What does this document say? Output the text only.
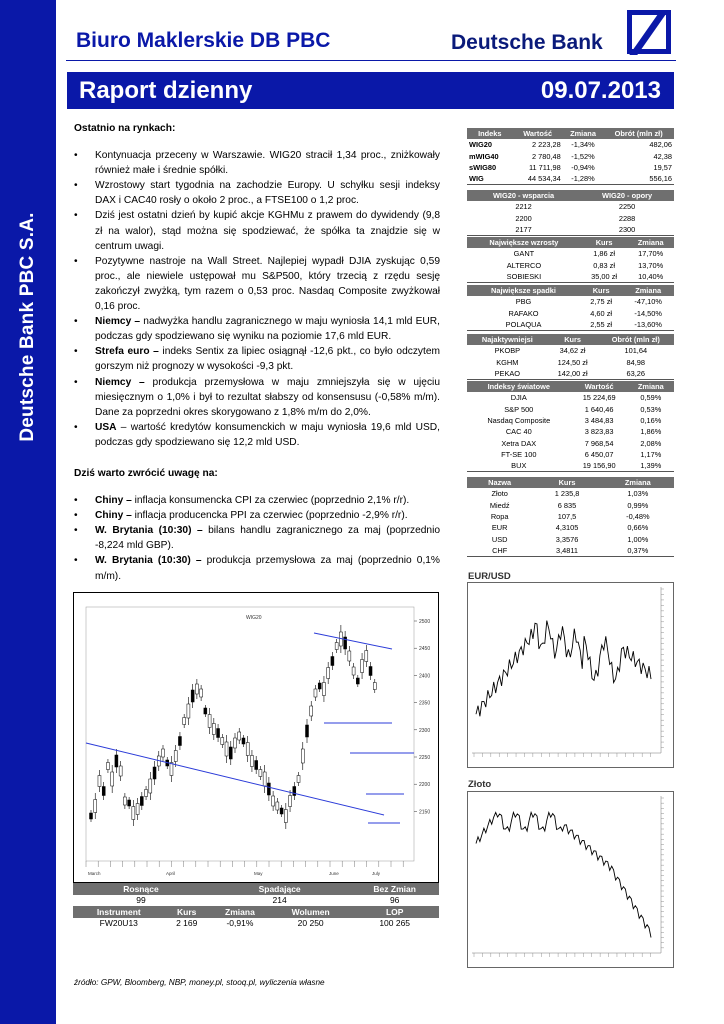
Deutsche Bank PBC S.A.
Biuro Maklerskie DB PBC	Deutsche Bank
Raport dzienny	09.07.2013
Ostatnio na rynkach:
• Kontynuacja przeceny w Warszawie. WIG20 stracił 1,34 proc., zniżkowały również małe i średnie spółki.
• Wzrostowy start tygodnia na zachodzie Europy. U schyłku sesji indeksy DAX i CAC40 rosły o około 2 proc., a FTSE100 o 1,2 proc.
• Dziś jest ostatni dzień by kupić akcje KGHMu z prawem do dywidendy (9,8 zł na walor), stąd można się spodziewać, że spółka ta znajdzie się w centrum uwagi.
• Pozytywne nastroje na Wall Street. Najlepiej wypadł DJIA zyskując 0,59 proc., ale niewiele ustępował mu S&P500, który trzecią z rzędu sesję zakończył zwyżką, tym razem o 0,53 proc. Nasdaq Composite zwyżkował 0,16 proc.
• Niemcy – nadwyżka handlu zagranicznego w maju wyniosła 14,1 mld EUR, podczas gdy spodziewano się wyniku na poziomie 17,6 mld EUR.
• Strefa euro – indeks Sentix za lipiec osiągnął -12,6 pkt., co było odczytem gorszym niż prognozy w wysokości -9,3 pkt.
• Niemcy – produkcja przemysłowa w maju zmniejszyła się w ujęciu miesięcznym o 1,0% i był to rezultat słabszy od konsensusu (-0,58% m/m). Dane za poprzedni okres skorygowano z 1,8% m/m do 2,0%.
• USA – wartość kredytów konsumenckich w maju wyniosła 19,6 mld USD, podczas gdy spodziewano się 12,2 mld USD.
Dziś warto zwrócić uwagę na:
• Chiny – inflacja konsumencka CPI za czerwiec (poprzednio 2,1% r/r).
• Chiny – inflacja producencka PPI za czerwiec (poprzednio -2,9% r/r).
• W. Brytania (10:30) – bilans handlu zagranicznego za maj (poprzednio -8,224 mld GBP).
• W. Brytania (10:30) – produkcja przemysłowa za maj (poprzednio 0,1% m/m).
2500
2450
2400
2350
2300
2250
2200
2150
WIG20
March	April	May	June	July
Rosnące		Spadające		Bez Zmian
99		214		96
Instrument	Kurs	Zmiana	Wolumen	LOP
FW20U13	2 169	-0,91%	20 250	100 265
źródło: GPW, Bloomberg, NBP, money.pl, stooq.pl, wyliczenia własne
Indeks	Wartość	Zmiana	Obrót (mln zł)
WIG20	2 223,28	-1,34%	482,06
mWIG40	2 780,48	-1,52%	42,38
sWIG80	11 711,98	-0,94%	19,57
WIG	44 534,34	-1,28%	556,16
WIG20 - wsparcia	WIG20 - opory
2212	2250
2200	2288
2177	2300
Największe wzrosty	Kurs	Zmiana
GANT	1,86 zł	17,70%
ALTERCO	0,83 zł	13,70%
SOBIESKI	35,00 zł	10,40%
Największe spadki	Kurs	Zmiana
PBG	2,75 zł	-47,10%
RAFAKO	4,60 zł	-14,50%
POLAQUA	2,55 zł	-13,60%
Najaktywniejsi	Kurs	Obrót (mln zł)
PKOBP	34,62 zł	101,64
KGHM	124,50 zł	84,98
PEKAO	142,00 zł	63,26
Indeksy światowe	Wartość	Zmiana
DJIA	15 224,69	0,59%
S&P 500	1 640,46	0,53%
Nasdaq Composite	3 484,83	0,16%
CAC 40	3 823,83	1,86%
Xetra DAX	7 968,54	2,08%
FT-SE 100	6 450,07	1,17%
BUX	19 156,90	1,39%
Nazwa	Kurs	Zmiana
Złoto	1 235,8	1,03%
Miedź	6 835	0,99%
Ropa	107,5	-0,48%
EUR	4,3105	0,66%
USD	3,3576	1,00%
CHF	3,4811	0,37%
EUR/USD
Złoto
